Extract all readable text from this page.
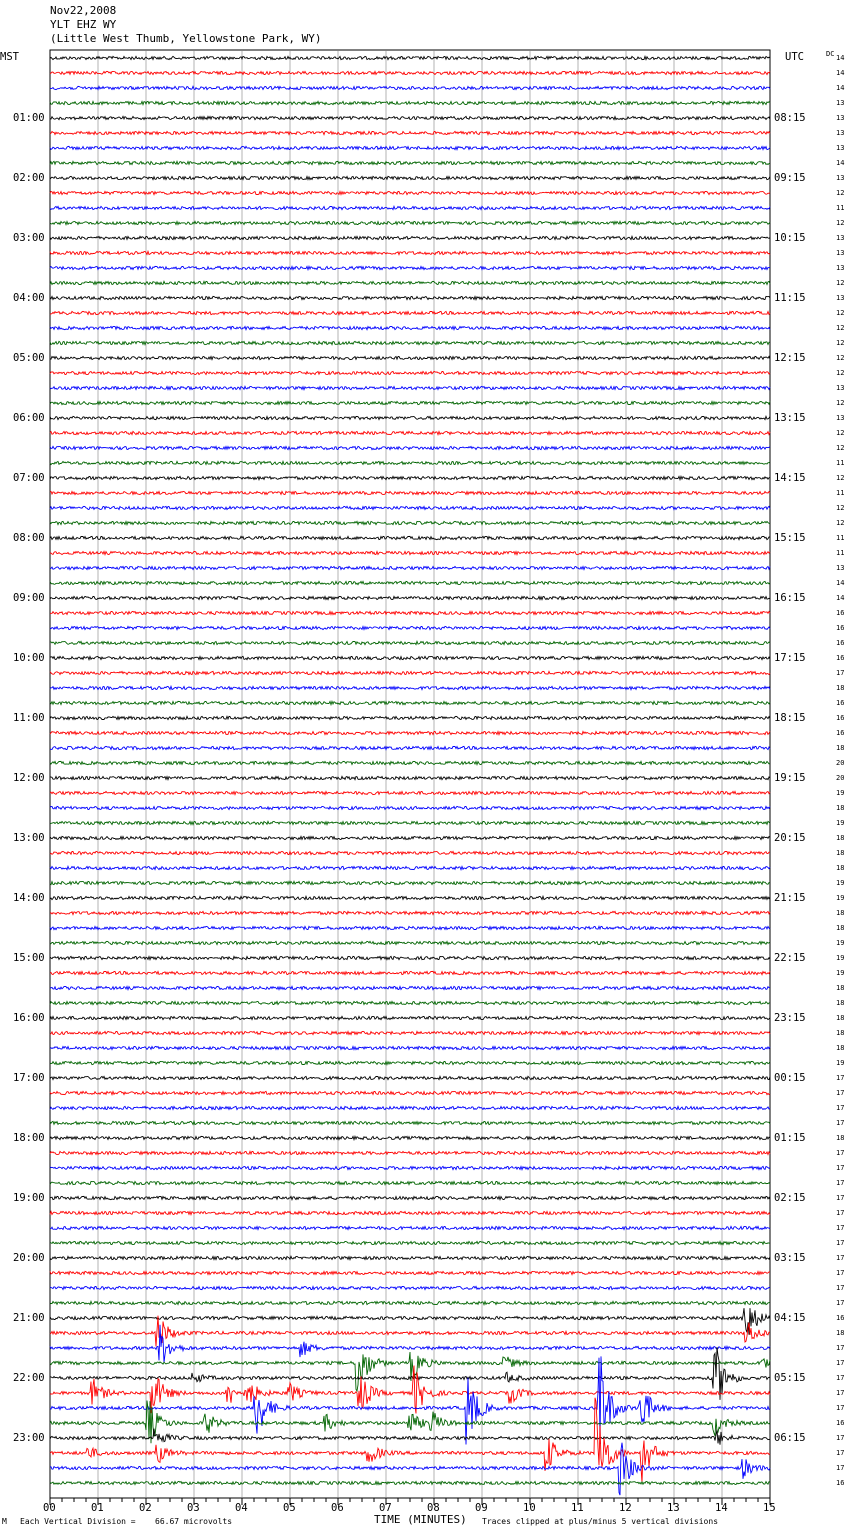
Nov22,2008
YLT EHZ WY
(Little West Thumb, Yellowstone Park, WY)
MST	UTC	DC
01:00
02:00
03:00
04:00
05:00
06:00
07:00
08:00
09:00
10:00
11:00
12:00
13:00
14:00
15:00
16:00
17:00
18:00
19:00
20:00
21:00
22:00
23:00
08:15
09:15
10:15
11:15
12:15
13:15
14:15
15:15
16:15
17:15
18:15
19:15
20:15
21:15
22:15
23:15
00:15
01:15
02:15
03:15
04:15
05:15
06:15
14
14
14
13
13
13
13
14
13
12
11
12
13
13
13
12
13
12
12
12
12
12
13
12
13
12
12
11
12
11
12
12
11
11
13
14
14
16
16
16
16
17
18
16
16
16
18
20
20
19
18
19
18
18
18
19
19
18
18
19
19
19
18
18
18
18
18
19
17
17
17
17
18
17
17
17
17
17
17
17
17
17
17
17
16
18
17
17
17
17
17
16
17
17
17
16
00	01	02	03	04	05	06	07	08	09	10	11	12	13	14	15
M Each Vertical Division = 66.67 microvolts	TIME (MINUTES) Traces clipped at plus/minus 5 vertical divisions
